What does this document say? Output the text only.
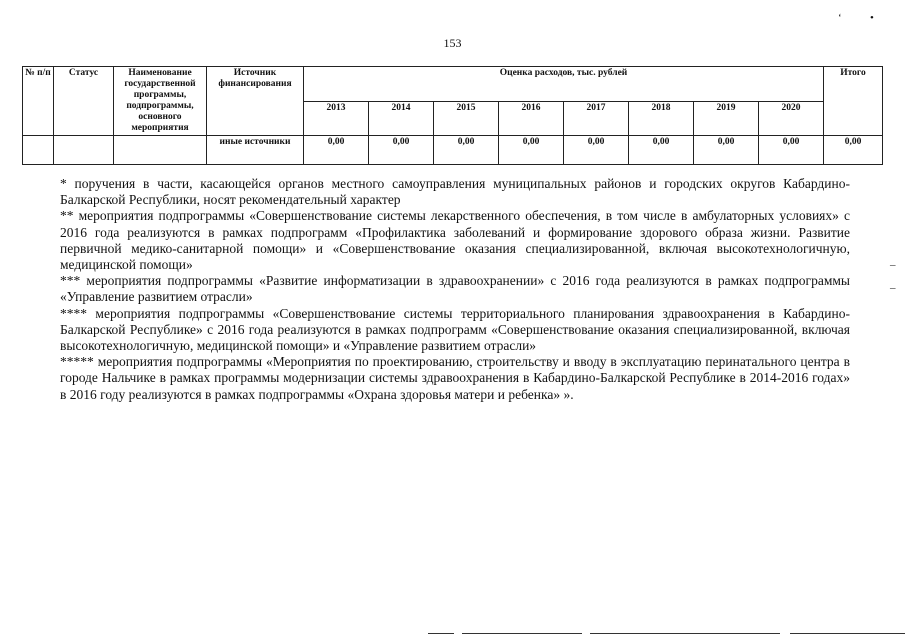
‘	•
_
–
153
№ п/п	Статус	Наименование государственной программы, подпрограммы, основного мероприятия	Источник финансирования	Оценка расходов, тыс. рублей								Итого
				2013	2014	2015	2016	2017	2018	2019	2020	
			иные источники	0,00	0,00	0,00	0,00	0,00	0,00	0,00	0,00	0,00

* поручения в части, касающейся органов местного самоуправления муниципальных районов и городских округов Кабардино-Балкарской Республики, носят рекомендательный характер

** мероприятия подпрограммы «Совершенствование системы лекарственного обеспечения, в том числе в амбулаторных условиях» с 2016 года реализуются в рамках подпрограмм «Профилактика заболеваний и формирование здорового образа жизни. Развитие первичной медико-санитарной помощи» и «Совершенствование оказания специализированной, включая высокотехнологичную, медицинской помощи»

*** мероприятия подпрограммы «Развитие информатизации в здравоохранении» с 2016 года реализуются в рамках подпрограммы «Управление развитием отрасли»

**** мероприятия подпрограммы «Совершенствование системы территориального планирования здравоохранения в Кабардино-Балкарской Республике» с 2016 года реализуются в рамках подпрограмм «Совершенствование оказания специализированной, включая высокотехнологичную, медицинской помощи» и «Управление развитием отрасли»

***** мероприятия подпрограммы «Мероприятия по проектированию, строительству и вводу в эксплуатацию перинатального центра в городе Нальчике в рамках программы модернизации системы здравоохранения в Кабардино-Балкарской Республике в 2014-2016 годах» в 2016 году реализуются в рамках подпрограммы «Охрана здоровья матери и ребенка» ».
